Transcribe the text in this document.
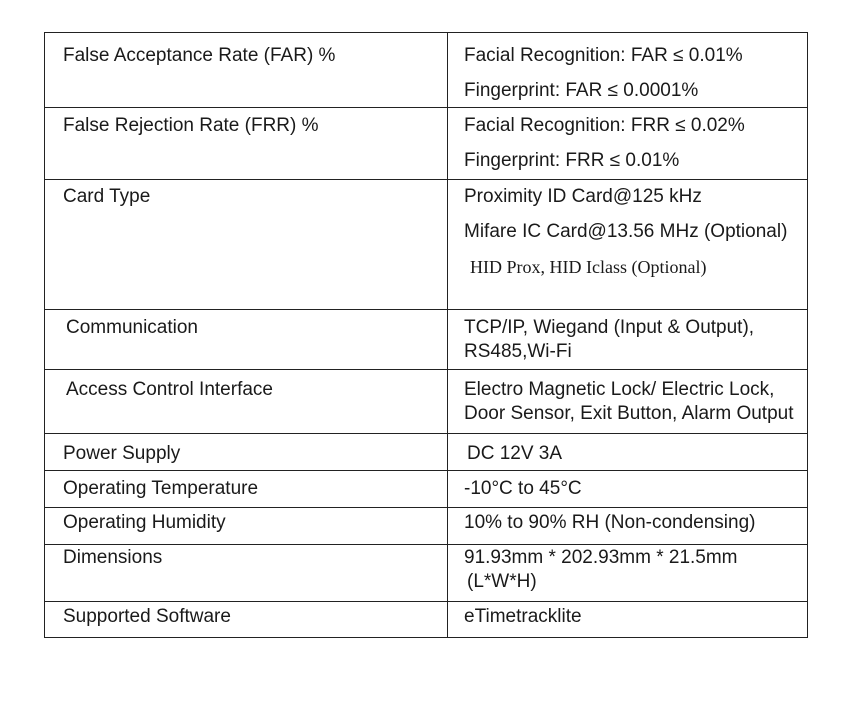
False Acceptance Rate (FAR) %	Facial Recognition: FAR ≤ 0.01%
Fingerprint: FAR ≤ 0.0001%

False Rejection Rate (FRR) %	Facial Recognition: FRR ≤ 0.02%
Fingerprint: FRR ≤ 0.01%

Card Type	Proximity ID Card@125 kHz
Mifare IC Card@13.56 MHz (Optional)
HID Prox, HID Iclass (Optional)

Communication	TCP/IP, Wiegand (Input & Output),
RS485,Wi-Fi

Access Control Interface	Electro Magnetic Lock/ Electric Lock,
Door Sensor, Exit Button, Alarm Output

Power Supply	DC 12V 3A

Operating Temperature	-10°C to 45°C

Operating Humidity	10% to 90% RH (Non-condensing)

Dimensions	91.93mm * 202.93mm * 21.5mm
(L*W*H)

Supported Software	eTimetracklite
